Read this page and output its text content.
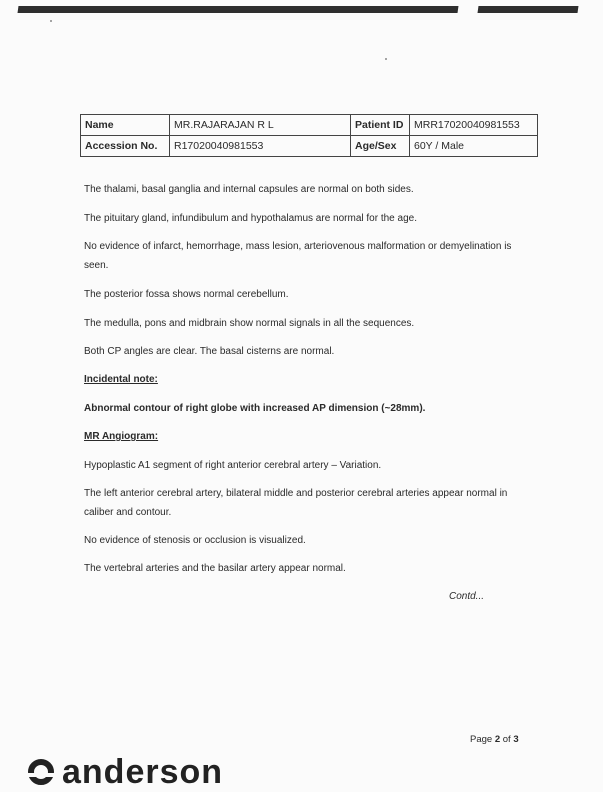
Name	MR.RAJARAJAN R L	Patient ID	MRR17020040981553
Accession No.	R17020040981553	Age/Sex	60Y / Male

The thalami, basal ganglia and internal capsules are normal on both sides.

The pituitary gland, infundibulum and hypothalamus are normal for the age.

No evidence of infarct, hemorrhage, mass lesion, arteriovenous malformation or demyelination is seen.

The posterior fossa shows normal cerebellum.

The medulla, pons and midbrain show normal signals in all the sequences.

Both CP angles are clear. The basal cisterns are normal.

Incidental note:

Abnormal contour of right globe with increased AP dimension (~28mm).

MR Angiogram:

Hypoplastic A1 segment of right anterior cerebral artery – Variation.

The left anterior cerebral artery, bilateral middle and posterior cerebral arteries appear normal in caliber and contour.

No evidence of stenosis or occlusion is visualized.

The vertebral arteries and the basilar artery appear normal.

Contd...
Page 2 of 3
anderson
